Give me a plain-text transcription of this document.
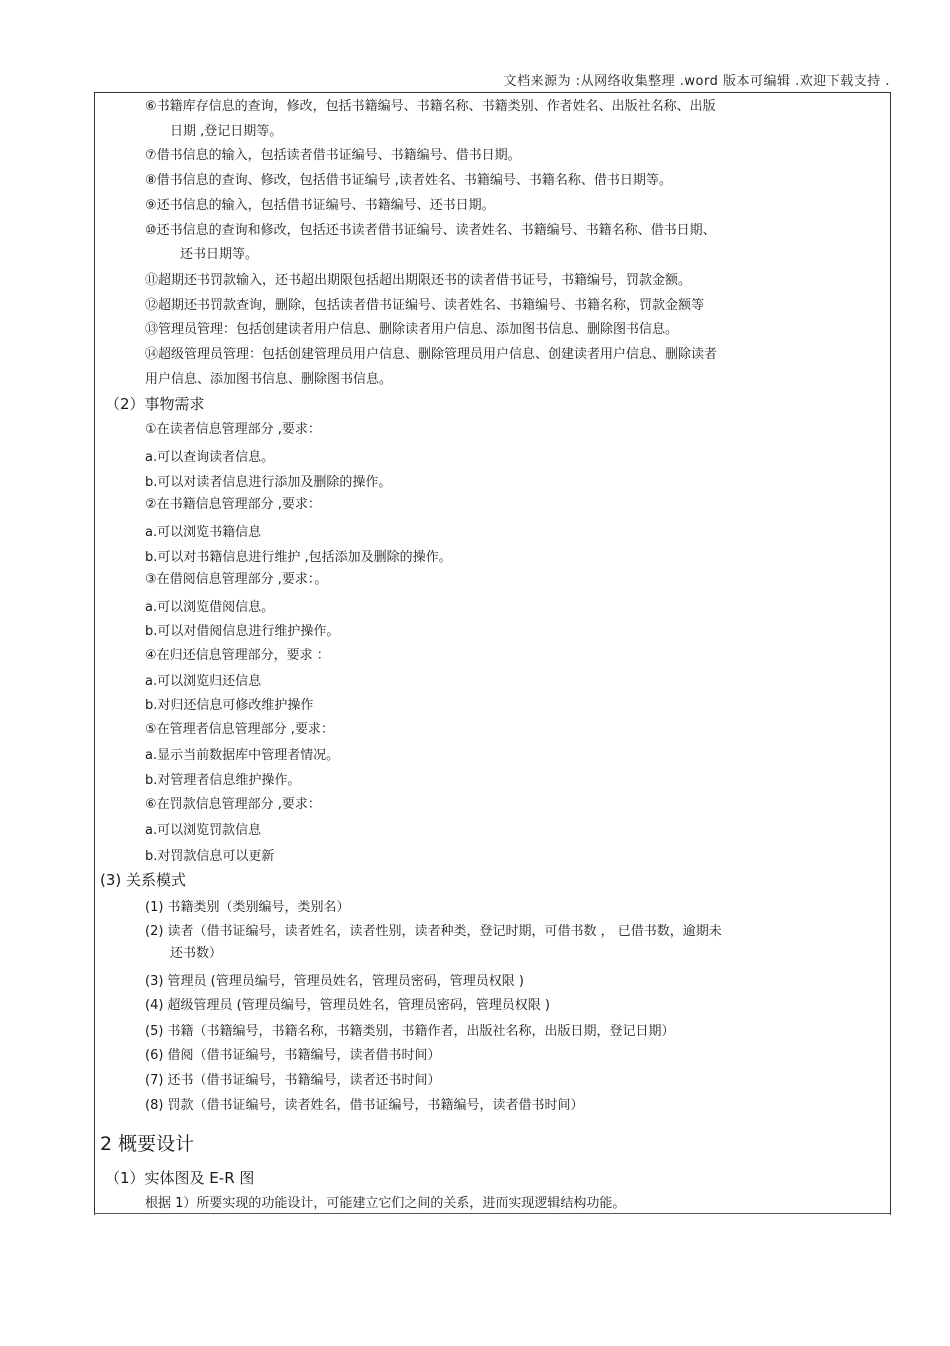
文档来源为 :从网络收集整理 .word 版本可编辑 .欢迎下载支持 .
⑥书籍库存信息的查询，修改，包括书籍编号、书籍名称、书籍类别、作者姓名、出版社名称、出版
日期 ,登记日期等。
⑦借书信息的输入，包括读者借书证编号、书籍编号、借书日期。
⑧借书信息的查询、修改，包括借书证编号 ,读者姓名、书籍编号、书籍名称、借书日期等。
⑨还书信息的输入，包括借书证编号、书籍编号、还书日期。
⑩还书信息的查询和修改，包括还书读者借书证编号、读者姓名、书籍编号、书籍名称、借书日期、
还书日期等。
⑪超期还书罚款输入，还书超出期限包括超出期限还书的读者借书证号，书籍编号，罚款金额。
⑫超期还书罚款查询，删除，包括读者借书证编号、读者姓名、书籍编号、书籍名称，罚款金额等
⑬管理员管理：包括创建读者用户信息、删除读者用户信息、添加图书信息、删除图书信息。
⑭超级管理员管理：包括创建管理员用户信息、删除管理员用户信息、创建读者用户信息、删除读者
用户信息、添加图书信息、删除图书信息。
（2）事物需求
①在读者信息管理部分 ,要求：
a.可以查询读者信息。
b.可以对读者信息进行添加及删除的操作。
②在书籍信息管理部分 ,要求：
a.可以浏览书籍信息
b.可以对书籍信息进行维护 ,包括添加及删除的操作。
③在借阅信息管理部分 ,要求：。
a.可以浏览借阅信息。
b.可以对借阅信息进行维护操作。
④在归还信息管理部分，要求 ：
a.可以浏览归还信息
b.对归还信息可修改维护操作
⑤在管理者信息管理部分 ,要求：
a.显示当前数据库中管理者情况。
b.对管理者信息维护操作。
⑥在罚款信息管理部分 ,要求：
a.可以浏览罚款信息
b.对罚款信息可以更新
(3) 关系模式
(1) 书籍类别（类别编号，类别名）
(2) 读者（借书证编号，读者姓名，读者性别，读者种类，登记时期，可借书数 ， 已借书数，逾期未
还书数）
(3) 管理员 (管理员编号，管理员姓名，管理员密码，管理员权限 )
(4) 超级管理员 (管理员编号，管理员姓名，管理员密码，管理员权限 )
(5) 书籍（书籍编号，书籍名称，书籍类别，书籍作者，出版社名称，出版日期，登记日期）
(6) 借阅（借书证编号，书籍编号，读者借书时间）
(7) 还书（借书证编号，书籍编号，读者还书时间）
(8) 罚款（借书证编号，读者姓名，借书证编号，书籍编号，读者借书时间）
2 概要设计
（1）实体图及 E-R 图
根据 1）所要实现的功能设计，可能建立它们之间的关系，进而实现逻辑结构功能。
